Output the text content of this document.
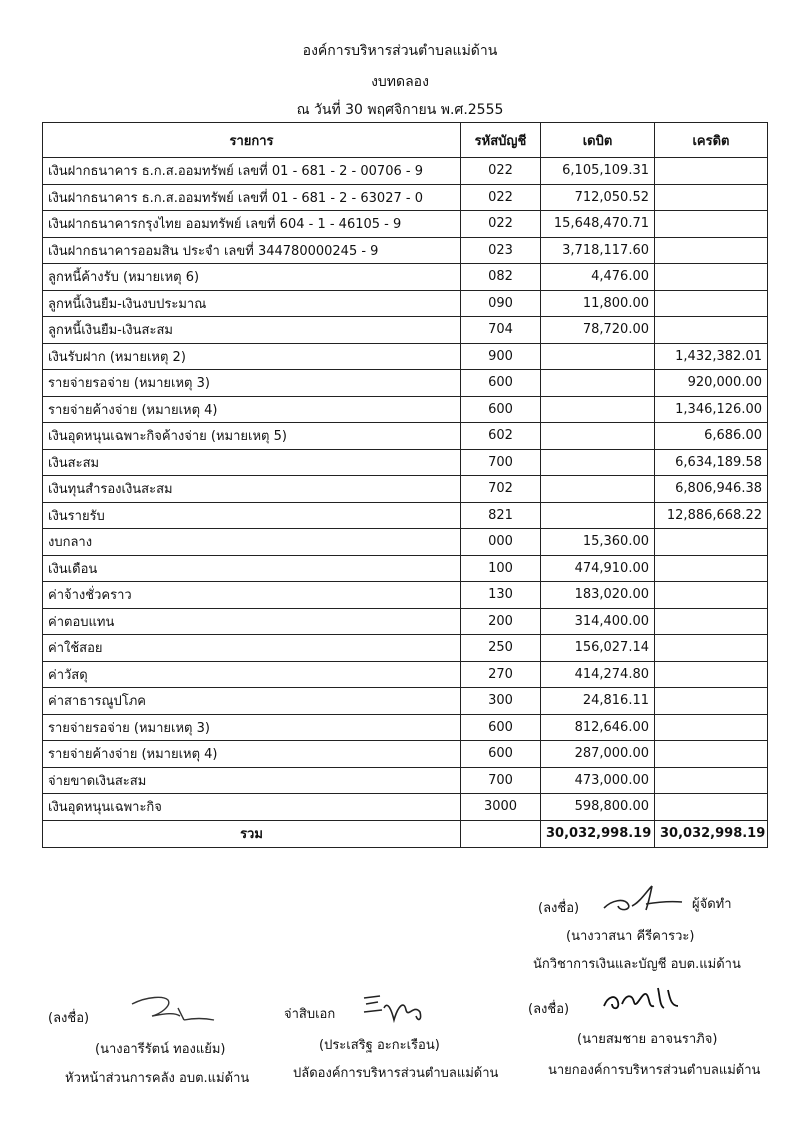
องค์การบริหารส่วนตำบลแม่ด้าน
งบทดลอง
ณ วันที่ 30 พฤศจิกายน พ.ศ.2555
รายการ	รหัสบัญชี	เดบิต	เครดิต
เงินฝากธนาคาร ธ.ก.ส.ออมทรัพย์ เลขที่ 01 - 681 - 2 - 00706 - 9	022	6,105,109.31	
เงินฝากธนาคาร ธ.ก.ส.ออมทรัพย์ เลขที่ 01 - 681 - 2 - 63027 - 0	022	712,050.52	
เงินฝากธนาคารกรุงไทย ออมทรัพย์ เลขที่ 604 - 1 - 46105 - 9	022	15,648,470.71	
เงินฝากธนาคารออมสิน ประจำ เลขที่ 344780000245 - 9	023	3,718,117.60	
ลูกหนี้ค้างรับ (หมายเหตุ 6)	082	4,476.00	
ลูกหนี้เงินยืม-เงินงบประมาณ	090	11,800.00	
ลูกหนี้เงินยืม-เงินสะสม	704	78,720.00	
เงินรับฝาก (หมายเหตุ 2)	900		1,432,382.01
รายจ่ายรอจ่าย (หมายเหตุ 3)	600		920,000.00
รายจ่ายค้างจ่าย (หมายเหตุ 4)	600		1,346,126.00
เงินอุดหนุนเฉพาะกิจค้างจ่าย (หมายเหตุ 5)	602		6,686.00
เงินสะสม	700		6,634,189.58
เงินทุนสำรองเงินสะสม	702		6,806,946.38
เงินรายรับ	821		12,886,668.22
งบกลาง	000	15,360.00	
เงินเดือน	100	474,910.00	
ค่าจ้างชั่วคราว	130	183,020.00	
ค่าตอบแทน	200	314,400.00	
ค่าใช้สอย	250	156,027.14	
ค่าวัสดุ	270	414,274.80	
ค่าสาธารณูปโภค	300	24,816.11	
รายจ่ายรอจ่าย (หมายเหตุ 3)	600	812,646.00	
รายจ่ายค้างจ่าย (หมายเหตุ 4)	600	287,000.00	
จ่ายขาดเงินสะสม	700	473,000.00	
เงินอุดหนุนเฉพาะกิจ	3000	598,800.00	
รวม		30,032,998.19	30,032,998.19
(ลงชื่อ)	ผู้จัดทำ
(นางวาสนา คีรีคารวะ)
นักวิชาการเงินและบัญชี อบต.แม่ด้าน
(ลงชื่อ)
(นางอารีรัตน์ ทองแย้ม)
หัวหน้าส่วนการคลัง อบต.แม่ด้าน
จ่าสิบเอก
(ประเสริฐ อะกะเรือน)
ปลัดองค์การบริหารส่วนตำบลแม่ด้าน
(ลงชื่อ)
(นายสมชาย อาจนราภิจ)
นายกองค์การบริหารส่วนตำบลแม่ด้าน
